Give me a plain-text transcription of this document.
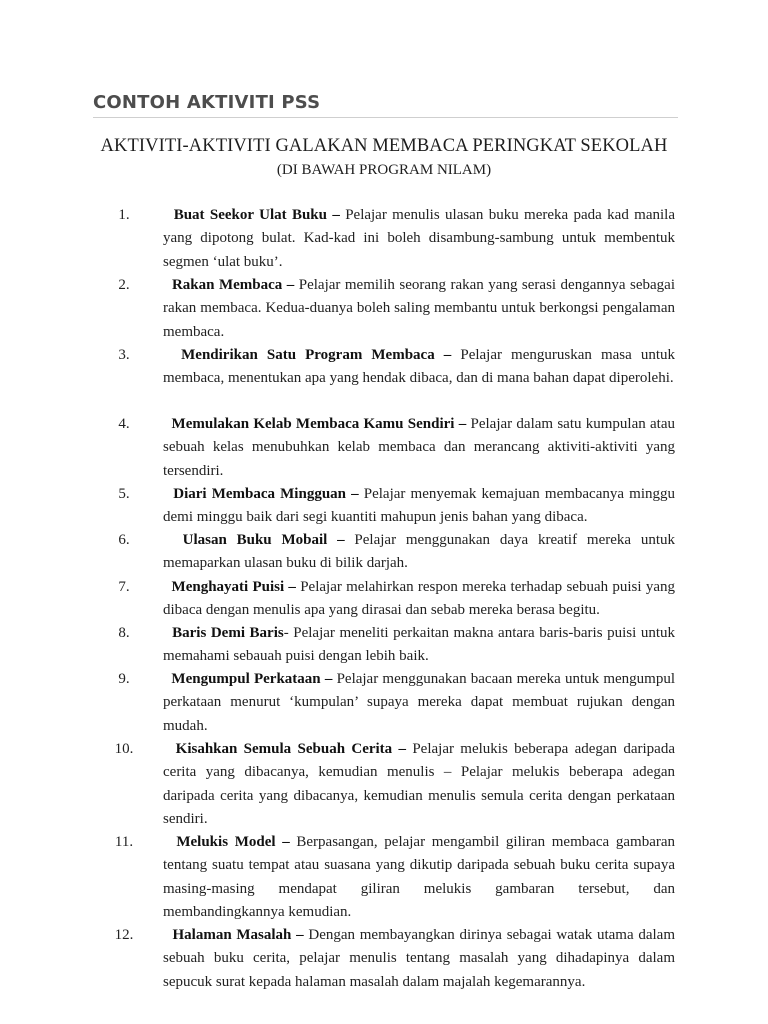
CONTOH AKTIVITI PSS
AKTIVITI-AKTIVITI GALAKAN MEMBACA PERINGKAT SEKOLAH
(DI BAWAH PROGRAM NILAM)
1.	Buat Seekor Ulat Buku – Pelajar menulis ulasan buku mereka pada kad manila yang dipotong bulat. Kad-kad ini boleh disambung-sambung untuk membentuk segmen ‘ulat buku’.
2.	Rakan Membaca – Pelajar memilih seorang rakan yang serasi dengannya sebagai rakan membaca. Kedua-duanya boleh saling membantu untuk berkongsi pengalaman membaca.
3.	Mendirikan Satu Program Membaca – Pelajar menguruskan masa untuk membaca, menentukan apa yang hendak dibaca, dan di mana bahan dapat diperolehi.
4.	Memulakan Kelab Membaca Kamu Sendiri – Pelajar dalam satu kumpulan atau sebuah kelas menubuhkan kelab membaca dan merancang aktiviti-aktiviti yang tersendiri.
5.	Diari Membaca Mingguan – Pelajar menyemak kemajuan membacanya minggu demi minggu baik dari segi kuantiti mahupun jenis bahan yang dibaca.
6.	Ulasan Buku Mobail – Pelajar menggunakan daya kreatif mereka untuk memaparkan ulasan buku di bilik darjah.
7.	Menghayati Puisi – Pelajar melahirkan respon mereka terhadap sebuah puisi yang dibaca dengan menulis apa yang dirasai dan sebab mereka berasa begitu.
8.	Baris Demi Baris- Pelajar meneliti perkaitan makna antara baris-baris puisi untuk memahami sebauah puisi dengan lebih baik.
9.	Mengumpul Perkataan – Pelajar menggunakan bacaan mereka untuk mengumpul perkataan menurut ‘kumpulan’ supaya mereka dapat membuat rujukan dengan mudah.
10.	Kisahkan Semula Sebuah Cerita – Pelajar melukis beberapa adegan daripada cerita yang dibacanya, kemudian menulis – Pelajar melukis beberapa adegan daripada cerita yang dibacanya, kemudian menulis semula cerita dengan perkataan sendiri.
11.	Melukis Model – Berpasangan, pelajar mengambil giliran membaca gambaran tentang suatu tempat atau suasana yang dikutip daripada sebuah buku cerita supaya masing-masing mendapat giliran melukis gambaran tersebut, dan membandingkannya kemudian.
12.	Halaman Masalah – Dengan membayangkan dirinya sebagai watak utama dalam sebuah buku cerita, pelajar menulis tentang masalah yang dihadapinya dalam sepucuk surat kepada halaman masalah dalam majalah kegemarannya.
